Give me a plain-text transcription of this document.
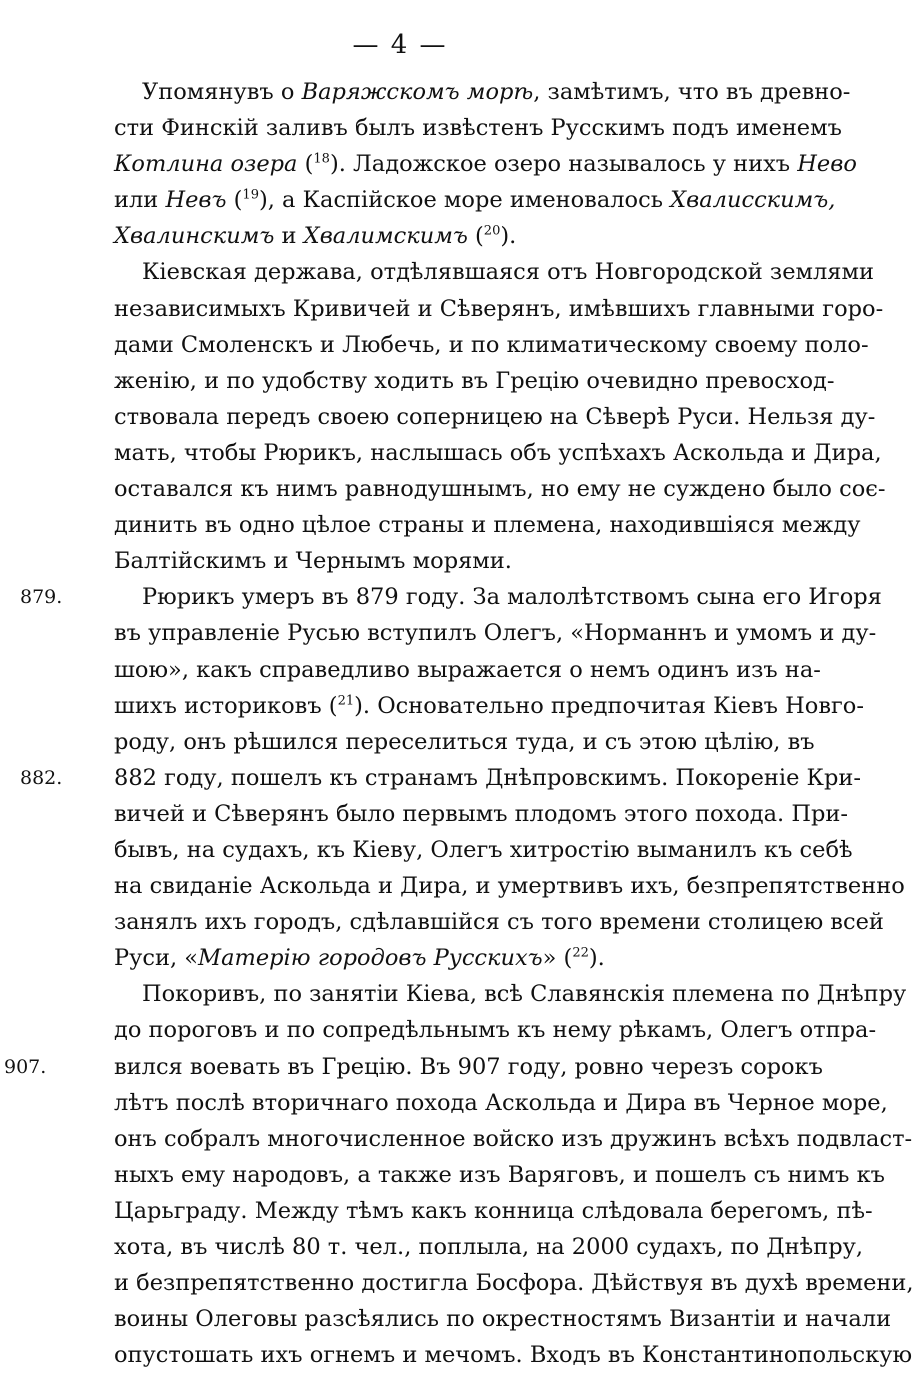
— 4 —
Упомянувъ о Варяжскомъ морѣ, замѣтимъ, что въ древно-
сти Финскій заливъ былъ извѣстенъ Русскимъ подъ именемъ
Котлина озера ($^{18}$). Ладожское озеро называлось у нихъ Нево
или Невъ ($^{19}$), а Каспійское море именовалось Хвалисскимъ,
Хвалинскимъ и Хвалимскимъ ($^{20}$).
Кіевская держава, отдѣлявшаяся отъ Новгородской землями
независимыхъ Кривичей и Сѣверянъ, имѣвшихъ главными горо-
дами Смоленскъ и Любечь, и по климатическому своему поло-
женію, и по удобству ходить въ Грецію очевидно превосход-
ствовала передъ своею соперницею на Сѣверѣ Руси. Нельзя ду-
мать, чтобы Рюрикъ, наслышась объ успѣхахъ Аскольда и Дира,
оставался къ нимъ равнодушнымъ, но ему не суждено было соє-
динить въ одно цѣлое страны и племена, находившіяся между
Балтійскимъ и Чернымъ морями.
879.	Рюрикъ умеръ въ 879 году. За малолѣтствомъ сына его Игоря
въ управленіе Русью вступилъ Олегъ, «Норманнъ и умомъ и ду-
шою», какъ справедливо выражается о немъ одинъ изъ на-
шихъ историковъ ($^{21}$). Основательно предпочитая Кіевъ Новго-
роду, онъ рѣшился переселиться туда, и съ этою цѣлію, въ
882. 882 году, пошелъ къ странамъ Днѣпровскимъ. Покореніе Кри-
вичей и Сѣверянъ было первымъ плодомъ этого похода. При-
бывъ, на судахъ, къ Кіеву, Олегъ хитростію выманилъ къ себѣ
на свиданіе Аскольда и Дира, и умертвивъ ихъ, безпрепятственно
занялъ ихъ городъ, сдѣлавшійся съ того времени столицею всей
Руси, «Матерію городовъ Русскихъ» ($^{22}$).
Покоривъ, по занятіи Кіева, всѣ Славянскія племена по Днѣпру
до пороговъ и по сопредѣльнымъ къ нему рѣкамъ, Олегъ отпра-
907.	вился воевать въ Грецію. Въ 907 году, ровно черезъ сорокъ
лѣтъ послѣ вторичнаго похода Аскольда и Дира въ Черное море,
онъ собралъ многочисленное войско изъ дружинъ всѣхъ подвласт-
ныхъ ему народовъ, а также изъ Варяговъ, и пошелъ съ нимъ къ
Царьграду. Между тѣмъ какъ конница слѣдовала берегомъ, пѣ-
хота, въ числѣ 80 т. чел., поплыла, на 2000 судахъ, по Днѣпру,
и безпрепятственно достигла Босфора. Дѣйствуя въ духѣ времени,
воины Олеговы разсѣялись по окрестностямъ Византіи и начали
опустошать ихъ огнемъ и мечомъ. Входъ въ Константинопольскую
